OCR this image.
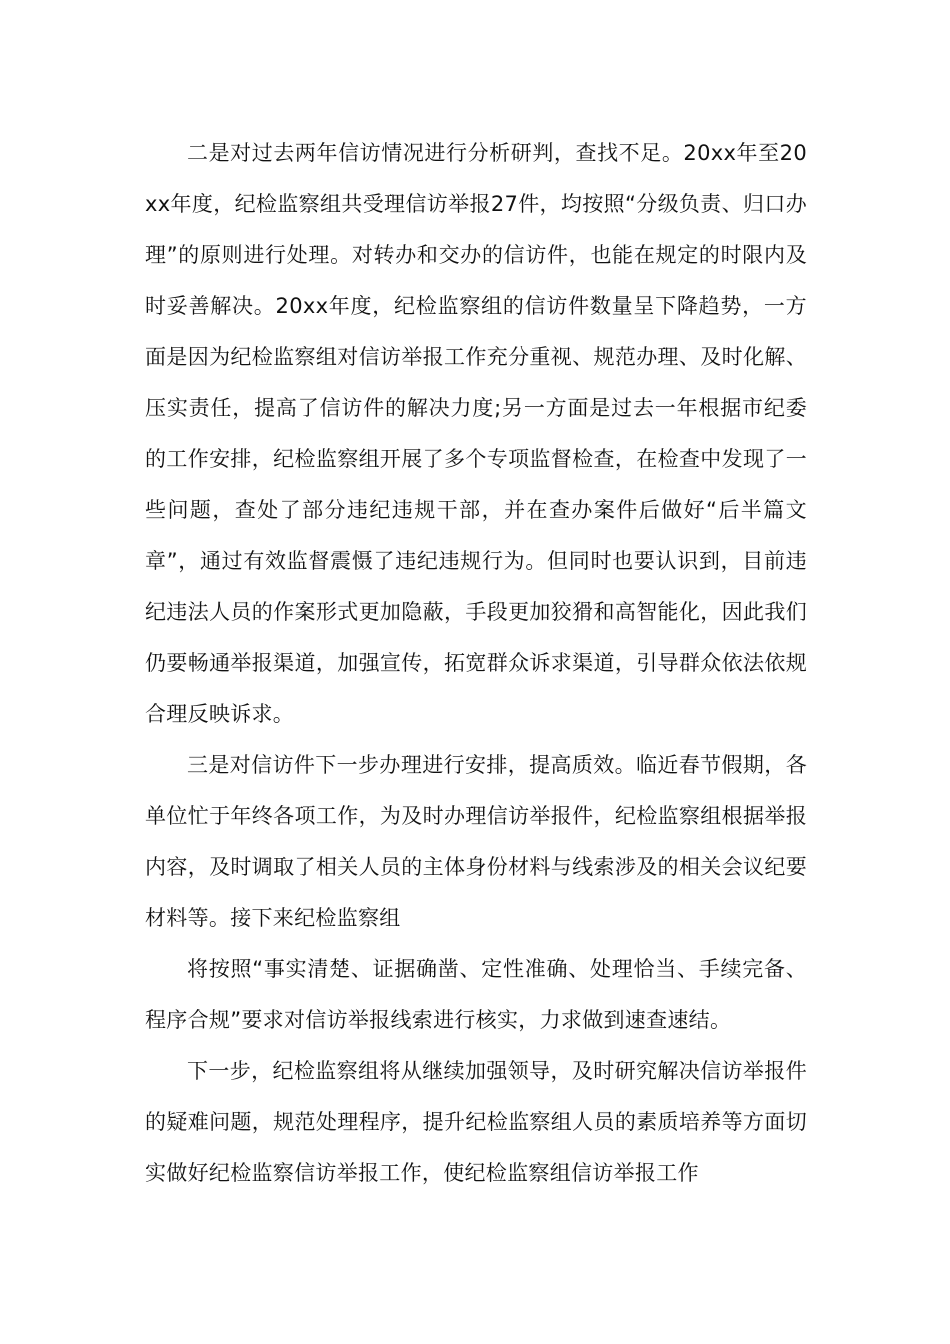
二是对过去两年信访情况进行分析研判，查找不足。20xx年至20xx年度，纪检监察组共受理信访举报27件，均按照“分级负责、归口办理”的原则进行处理。对转办和交办的信访件，也能在规定的时限内及时妥善解决。20xx年度，纪检监察组的信访件数量呈下降趋势，一方面是因为纪检监察组对信访举报工作充分重视、规范办理、及时化解、压实责任，提高了信访件的解决力度;另一方面是过去一年根据市纪委的工作安排，纪检监察组开展了多个专项监督检查，在检查中发现了一些问题，查处了部分违纪违规干部，并在查办案件后做好“后半篇文章”，通过有效监督震慑了违纪违规行为。但同时也要认识到，目前违纪违法人员的作案形式更加隐蔽，手段更加狡猾和高智能化，因此我们仍要畅通举报渠道，加强宣传，拓宽群众诉求渠道，引导群众依法依规合理反映诉求。

三是对信访件下一步办理进行安排，提高质效。临近春节假期，各单位忙于年终各项工作，为及时办理信访举报件，纪检监察组根据举报内容，及时调取了相关人员的主体身份材料与线索涉及的相关会议纪要材料等。接下来纪检监察组

将按照“事实清楚、证据确凿、定性准确、处理恰当、手续完备、程序合规”要求对信访举报线索进行核实，力求做到速查速结。

下一步，纪检监察组将从继续加强领导，及时研究解决信访举报件的疑难问题，规范处理程序，提升纪检监察组人员的素质培养等方面切实做好纪检监察信访举报工作，使纪检监察组信访举报工作
